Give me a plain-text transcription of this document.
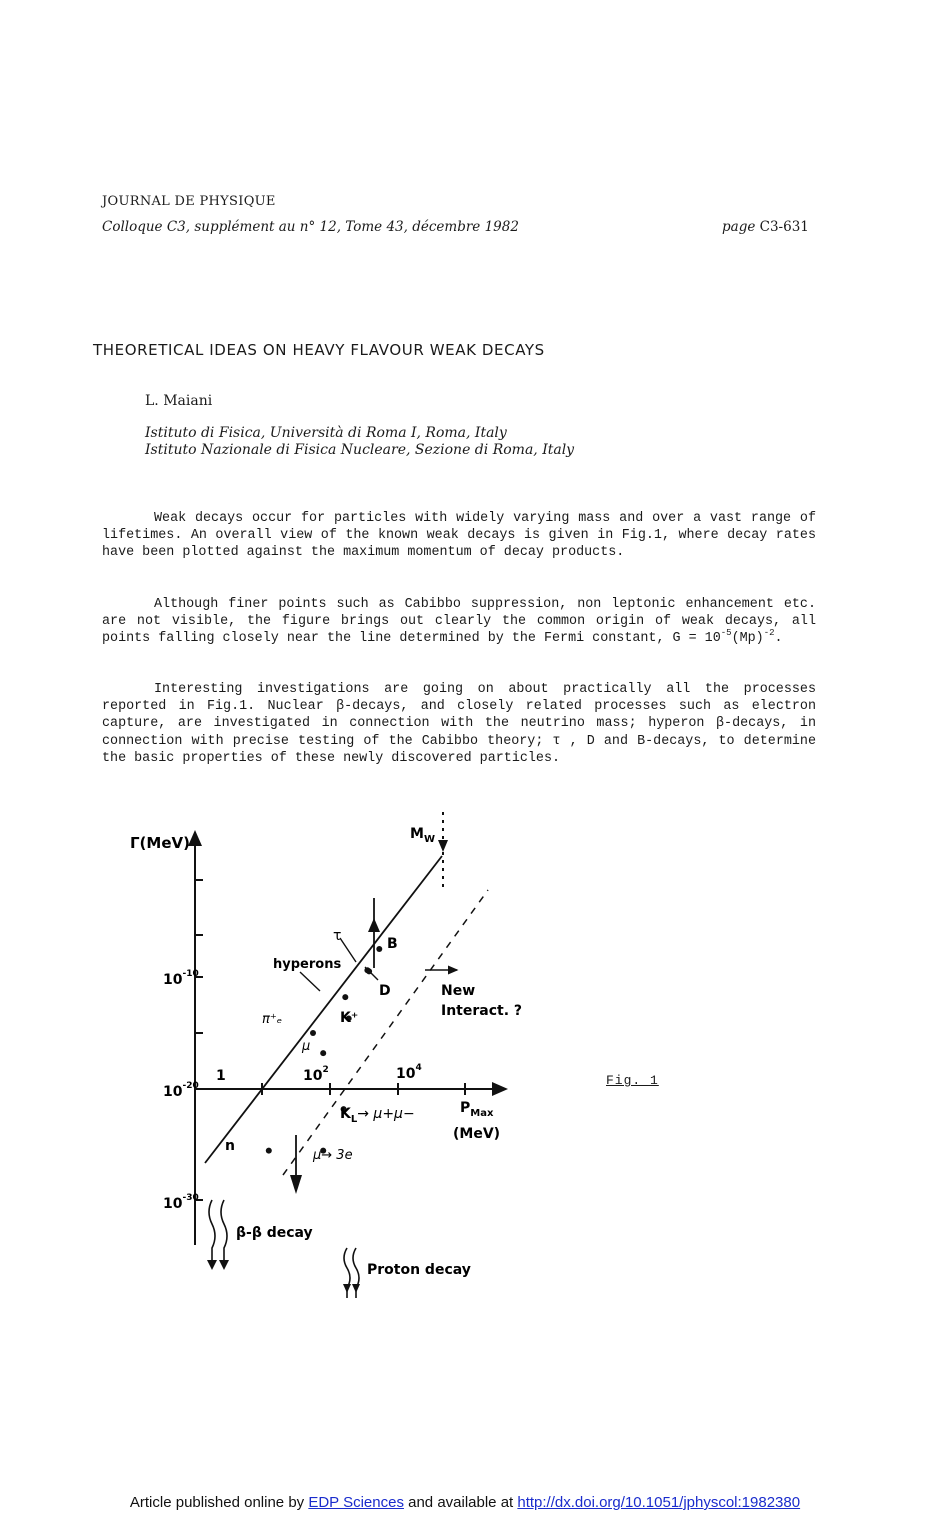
JOURNAL DE PHYSIQUE
Colloque C3, supplément au n° 12, Tome 43, décembre 1982	page C3-631
THEORETICAL IDEAS ON HEAVY FLAVOUR WEAK DECAYS
L. Maiani
Istituto di Fisica, Università di Roma I, Roma, Italy
Istituto Nazionale di Fisica Nucleare, Sezione di Roma, Italy
Weak decays occur for particles with widely varying mass and over a vast range of lifetimes. An overall view of the known weak decays is given in Fig.1, where decay rates have been plotted against the maximum momentum of decay products.
Although finer points such as Cabibbo suppression, non leptonic enhancement etc. are not visible, the figure brings out clearly the common origin of weak decays, all points falling closely near the line determined by the Fermi constant, $G = 10^{-5}(Mp)^{-2}$.
Interesting investigations are going on about practically all the processes reported in Fig.1. Nuclear β-decays, and closely related processes such as electron capture, are investigated in connection with the neutrino mass; hyperon β-decays, in connection with precise testing of the Cabibbo theory; τ , D and B-decays, to determine the basic properties of these newly discovered particles.
Γ(MeV)	$M_W$
$10^{-10}$
$10^{-20}$
$10^{-30}$
1	$10^2$	$10^4$
$P_{Max}$
(MeV)
τ	B
D
hyperons
π⁺ₑ	K⁺
μ
n
New
Interact. ?
$K_L\to \mu+\mu-$
μ→ 3e
β-β decay
Proton decay
Fig. 1
Article published online by EDP Sciences and available at http://dx.doi.org/10.1051/jphyscol:1982380
